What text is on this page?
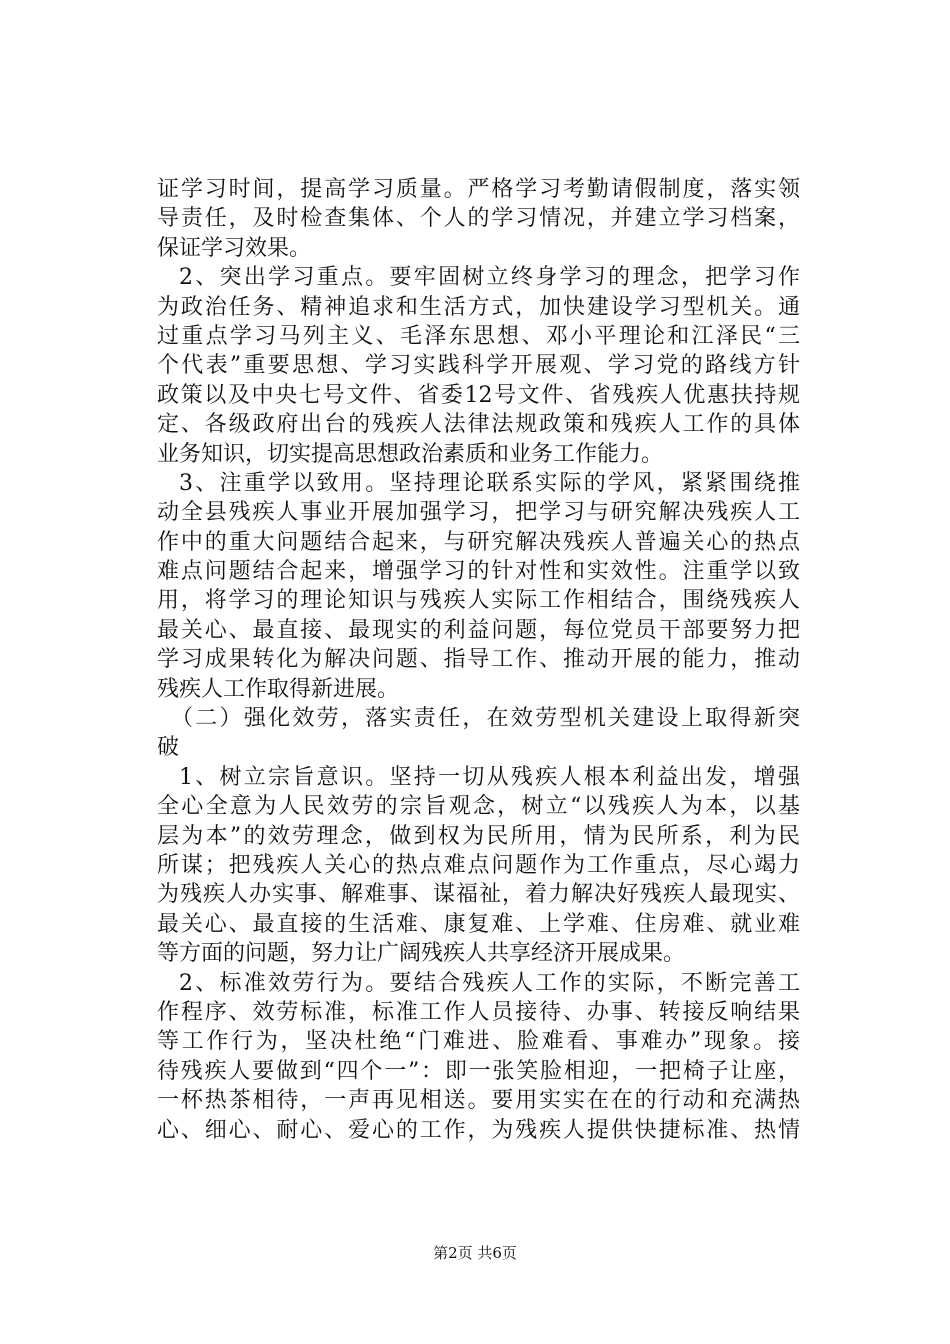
证学习时间，提高学习质量。严格学习考勤请假制度，落实领
导责任，及时检查集体、个人的学习情况，并建立学习档案，
保证学习效果。
2、突出学习重点。要牢固树立终身学习的理念，把学习作
为政治任务、精神追求和生活方式，加快建设学习型机关。通
过重点学习马列主义、毛泽东思想、邓小平理论和江泽民“三
个代表”重要思想、学习实践科学开展观、学习党的路线方针
政策以及中央七号文件、省委12号文件、省残疾人优惠扶持规
定、各级政府出台的残疾人法律法规政策和残疾人工作的具体
业务知识，切实提高思想政治素质和业务工作能力。
3、注重学以致用。坚持理论联系实际的学风，紧紧围绕推
动全县残疾人事业开展加强学习，把学习与研究解决残疾人工
作中的重大问题结合起来，与研究解决残疾人普遍关心的热点
难点问题结合起来，增强学习的针对性和实效性。注重学以致
用，将学习的理论知识与残疾人实际工作相结合，围绕残疾人
最关心、最直接、最现实的利益问题，每位党员干部要努力把
学习成果转化为解决问题、指导工作、推动开展的能力，推动
残疾人工作取得新进展。
（二）强化效劳，落实责任，在效劳型机关建设上取得新突
破
1、树立宗旨意识。坚持一切从残疾人根本利益出发，增强
全心全意为人民效劳的宗旨观念，树立“以残疾人为本，以基
层为本”的效劳理念，做到权为民所用，情为民所系，利为民
所谋；把残疾人关心的热点难点问题作为工作重点，尽心竭力
为残疾人办实事、解难事、谋福祉，着力解决好残疾人最现实、
最关心、最直接的生活难、康复难、上学难、住房难、就业难
等方面的问题，努力让广阔残疾人共享经济开展成果。
2、标准效劳行为。要结合残疾人工作的实际，不断完善工
作程序、效劳标准，标准工作人员接待、办事、转接反响结果
等工作行为，坚决杜绝“门难进、脸难看、事难办”现象。接
待残疾人要做到“四个一”：即一张笑脸相迎，一把椅子让座，
一杯热茶相待，一声再见相送。要用实实在在的行动和充满热
心、细心、耐心、爱心的工作，为残疾人提供快捷标准、热情
第2页 共6页
